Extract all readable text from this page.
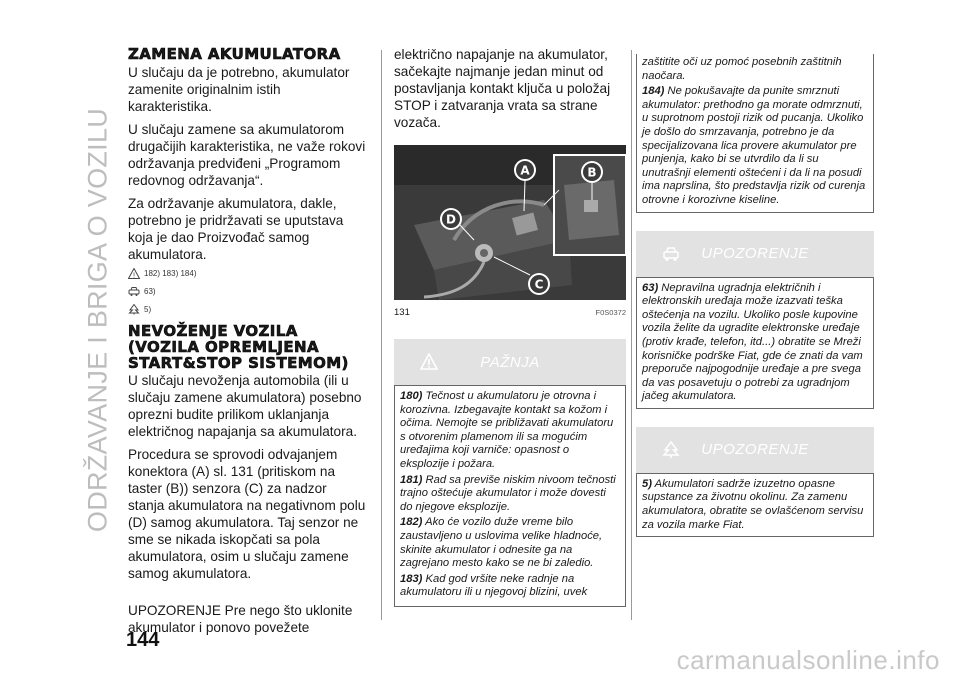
ODRŽAVANJE I BRIGA O VOZILU
ZAMENA AKUMULATORA

U slučaju da je potrebno, akumulator zamenite originalnim istih karakteristika.

U slučaju zamene sa akumulatorom drugačijih karakteristika, ne važe rokovi održavanja predviđeni „Programom redovnog održavanja“.

Za održavanje akumulatora, dakle, potrebno je pridržavati se uputstava koja je dao Proizvođač samog akumulatora.

! 182) 183) 184)
63)
5)
NEVOŽENJE VOZILA (VOZILA OPREMLJENA START&STOP SISTEMOM)

U slučaju nevoženja automobila (ili u slučaju zamene akumulatora) posebno oprezni budite prilikom uklanjanja električnog napajanja sa akumulatora.

Procedura se sprovodi odvajanjem konektora (A) sl. 131 (pritiskom na taster (B)) senzora (C) za nadzor stanja akumulatora na negativnom polu (D) samog akumulatora. Taj senzor ne sme se nikada iskopčati sa pola akumulatora, osim u slučaju zamene samog akumulatora.

UPOZORENJE Pre nego što uklonite akumulator i ponovo povežete

električno napajanje na akumulator, sačekajte najmanje jedan minut od postavljanja kontakt ključa u položaj STOP i zatvaranja vrata sa strane vozača.

A	B
C
D
131	F0S0372
PAŽNJA

180) Tečnost u akumulatoru je otrovna i korozivna. Izbegavajte kontakt sa kožom i očima. Nemojte se približavati akumulatoru s otvorenim plamenom ili sa mogućim uređajima koji varniče: opasnost o eksplozije i požara.

181) Rad sa previše niskim nivoom tečnosti trajno oštećuje akumulator i može dovesti do njegove eksplozije.

182) Ako će vozilo duže vreme bilo zaustavljeno u uslovima velike hladnoće, skinite akumulator i odnesite ga na zagrejano mesto kako se ne bi zaledio.

183) Kad god vršite neke radnje na akumulatoru ili u njegovoj blizini, uvek

zaštitite oči uz pomoć posebnih zaštitnih naočara.

184) Ne pokušavajte da punite smrznuti akumulator: prethodno ga morate odmrznuti, u suprotnom postoji rizik od pucanja. Ukoliko je došlo do smrzavanja, potrebno je da specijalizovana lica provere akumulator pre punjenja, kako bi se utvrdilo da li su unutrašnji elementi oštećeni i da li na posudi ima naprslina, što predstavlja rizik od curenja otrovne i korozivne kiseline.

UPOZORENJE

63) Nepravilna ugradnja električnih i elektronskih uređaja može izazvati teška oštećenja na vozilu. Ukoliko posle kupovine vozila želite da ugradite elektronske uređaje (protiv krađe, telefon, itd...) obratite se Mreži korisničke podrške Fiat, gde će znati da vam preporuče najpogodnije uređaje a pre svega da vas posavetuju o potrebi za ugradnjom jačeg akumulatora.

UPOZORENJE

5) Akumulatori sadrže izuzetno opasne supstance za životnu okolinu. Za zamenu akumulatora, obratite se ovlašćenom servisu za vozila marke Fiat.

144
carmanualsonline.info
